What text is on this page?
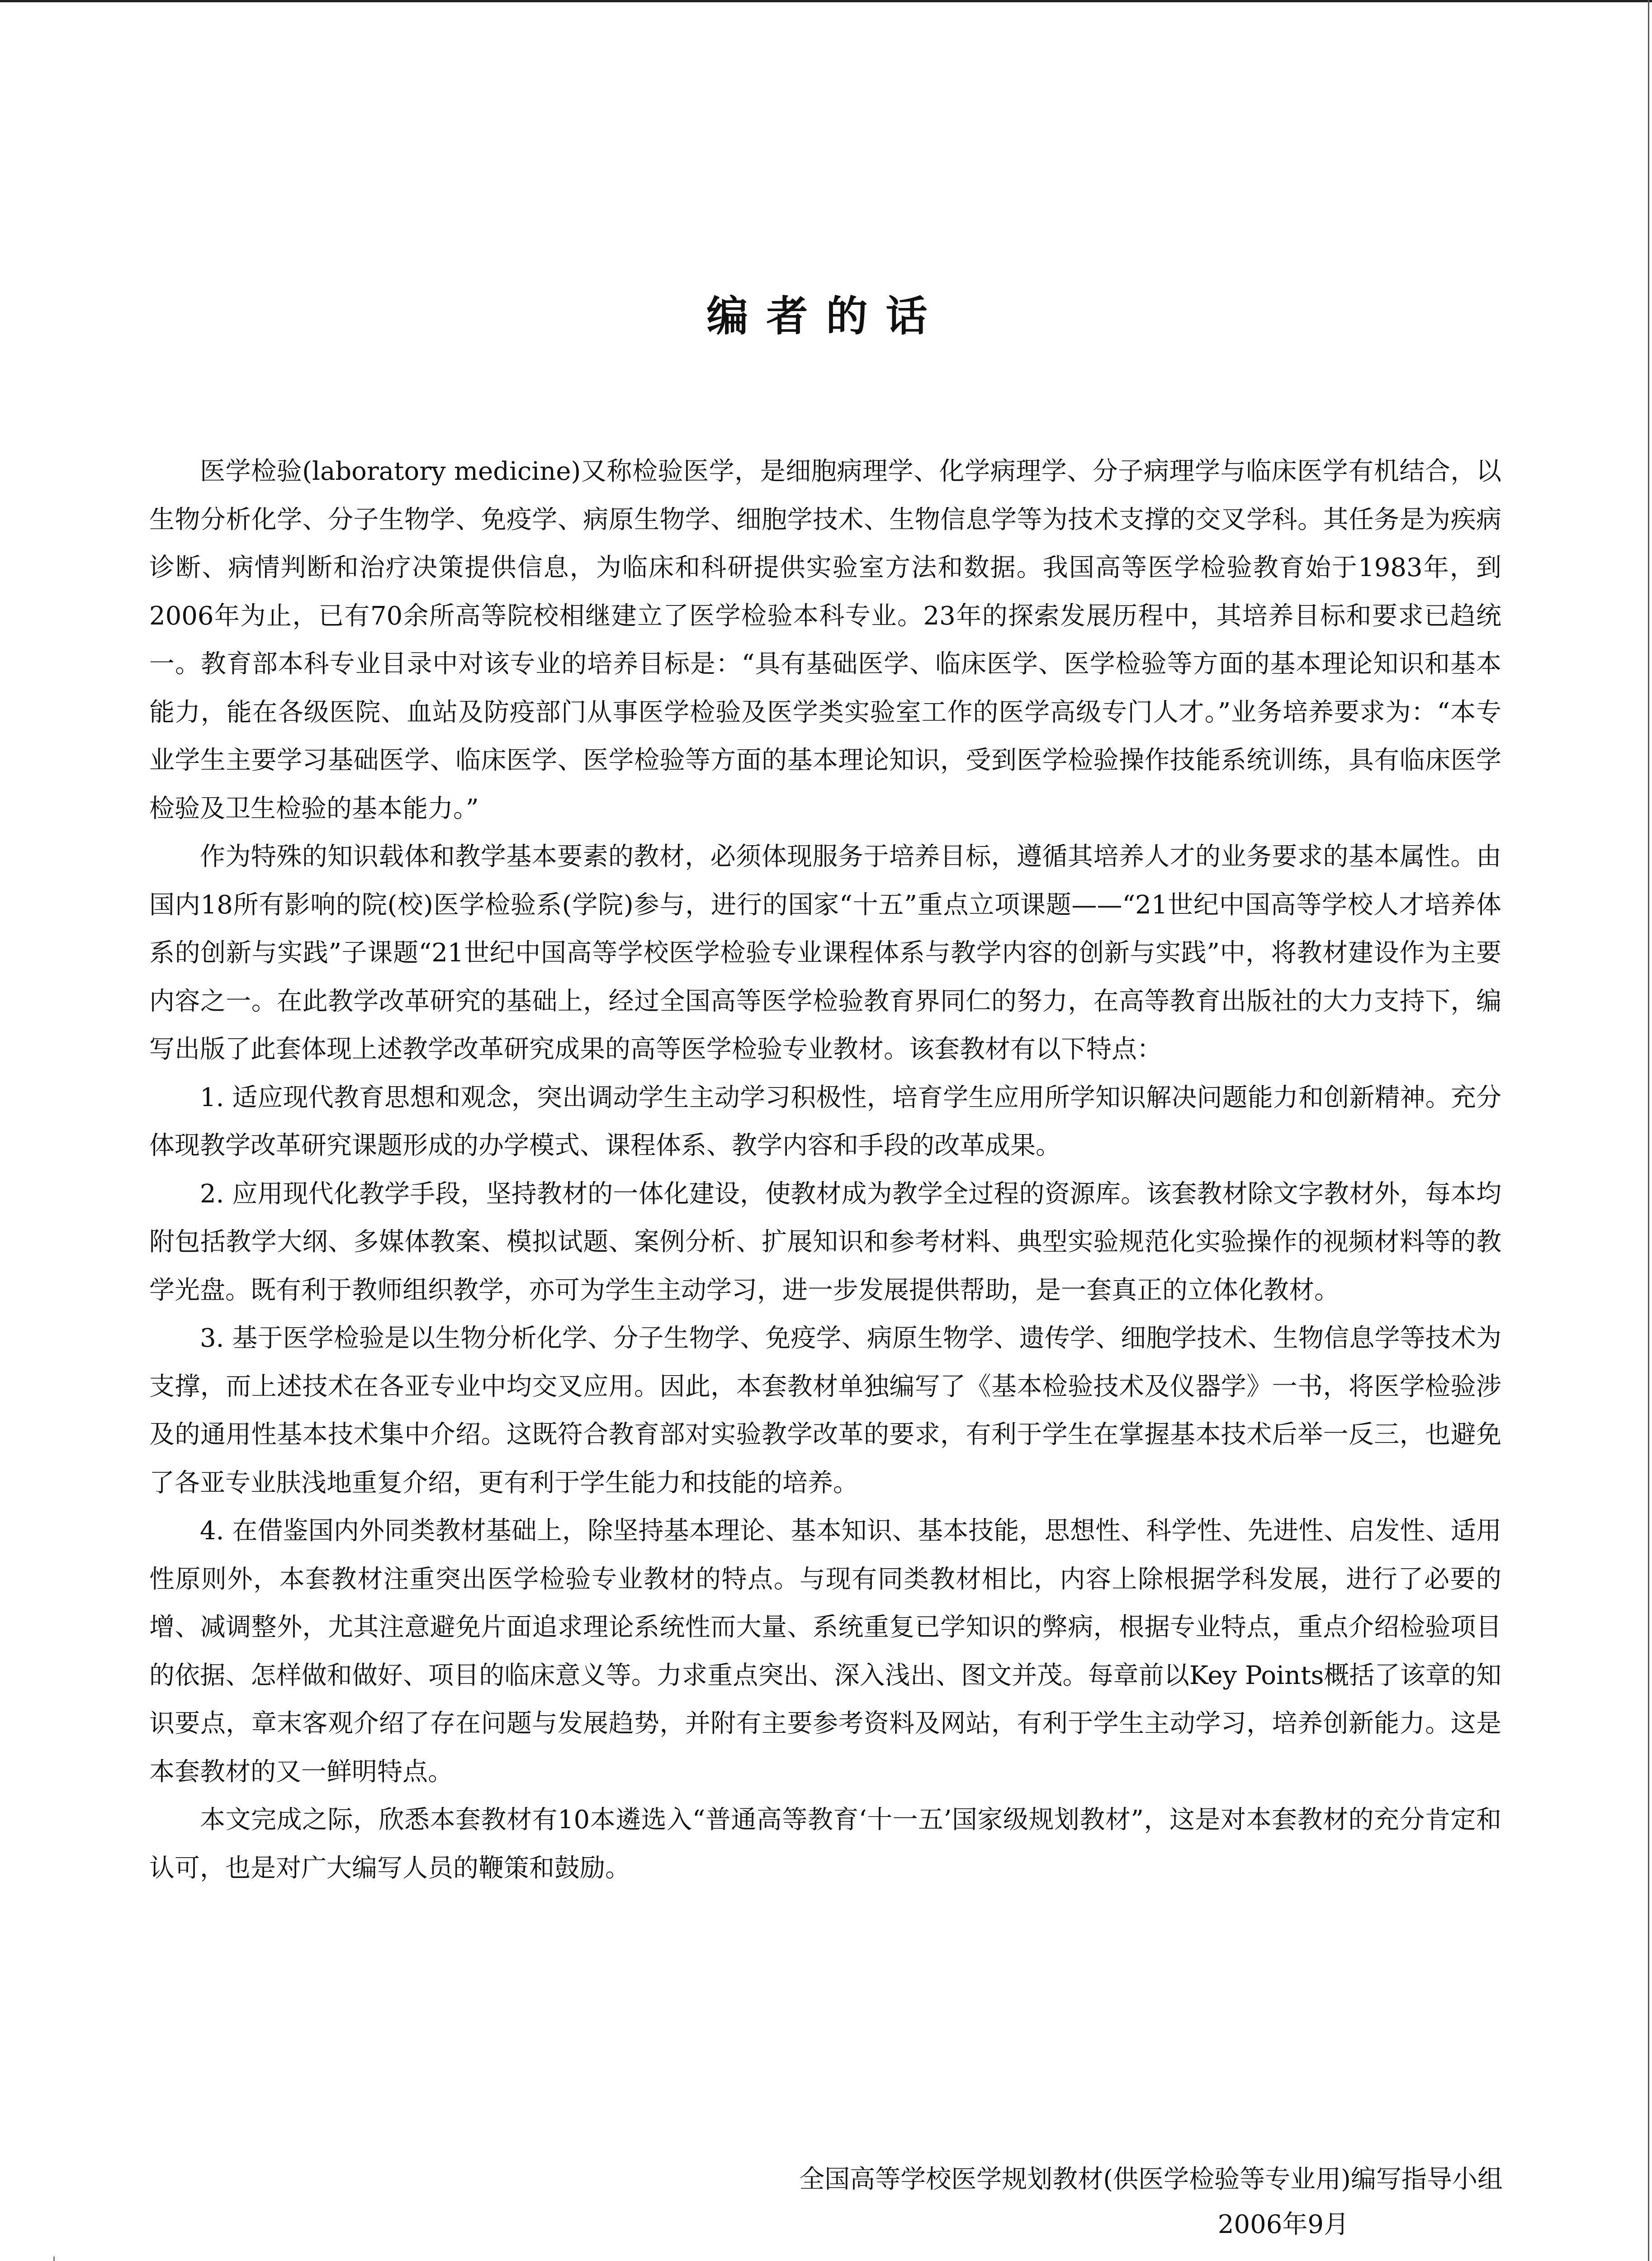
编者的话

医学检验(laboratory medicine)又称检验医学，是细胞病理学、化学病理学、分子病理学与临床医学有机结合，以生物分析化学、分子生物学、免疫学、病原生物学、细胞学技术、生物信息学等为技术支撑的交叉学科。其任务是为疾病诊断、病情判断和治疗决策提供信息，为临床和科研提供实验室方法和数据。我国高等医学检验教育始于1983年，到2006年为止，已有70余所高等院校相继建立了医学检验本科专业。23年的探索发展历程中，其培养目标和要求已趋统一。教育部本科专业目录中对该专业的培养目标是：“具有基础医学、临床医学、医学检验等方面的基本理论知识和基本能力，能在各级医院、血站及防疫部门从事医学检验及医学类实验室工作的医学高级专门人才。”业务培养要求为：“本专业学生主要学习基础医学、临床医学、医学检验等方面的基本理论知识，受到医学检验操作技能系统训练，具有临床医学检验及卫生检验的基本能力。”

作为特殊的知识载体和教学基本要素的教材，必须体现服务于培养目标，遵循其培养人才的业务要求的基本属性。由国内18所有影响的院(校)医学检验系(学院)参与，进行的国家“十五”重点立项课题——“21世纪中国高等学校人才培养体系的创新与实践”子课题“21世纪中国高等学校医学检验专业课程体系与教学内容的创新与实践”中，将教材建设作为主要内容之一。在此教学改革研究的基础上，经过全国高等医学检验教育界同仁的努力，在高等教育出版社的大力支持下，编写出版了此套体现上述教学改革研究成果的高等医学检验专业教材。该套教材有以下特点：

1. 适应现代教育思想和观念，突出调动学生主动学习积极性，培育学生应用所学知识解决问题能力和创新精神。充分体现教学改革研究课题形成的办学模式、课程体系、教学内容和手段的改革成果。

2. 应用现代化教学手段，坚持教材的一体化建设，使教材成为教学全过程的资源库。该套教材除文字教材外，每本均附包括教学大纲、多媒体教案、模拟试题、案例分析、扩展知识和参考材料、典型实验规范化实验操作的视频材料等的教学光盘。既有利于教师组织教学，亦可为学生主动学习，进一步发展提供帮助，是一套真正的立体化教材。

3. 基于医学检验是以生物分析化学、分子生物学、免疫学、病原生物学、遗传学、细胞学技术、生物信息学等技术为支撑，而上述技术在各亚专业中均交叉应用。因此，本套教材单独编写了《基本检验技术及仪器学》一书，将医学检验涉及的通用性基本技术集中介绍。这既符合教育部对实验教学改革的要求，有利于学生在掌握基本技术后举一反三，也避免了各亚专业肤浅地重复介绍，更有利于学生能力和技能的培养。

4. 在借鉴国内外同类教材基础上，除坚持基本理论、基本知识、基本技能，思想性、科学性、先进性、启发性、适用性原则外，本套教材注重突出医学检验专业教材的特点。与现有同类教材相比，内容上除根据学科发展，进行了必要的增、减调整外，尤其注意避免片面追求理论系统性而大量、系统重复已学知识的弊病，根据专业特点，重点介绍检验项目的依据、怎样做和做好、项目的临床意义等。力求重点突出、深入浅出、图文并茂。每章前以Key Points概括了该章的知识要点，章末客观介绍了存在问题与发展趋势，并附有主要参考资料及网站，有利于学生主动学习，培养创新能力。这是本套教材的又一鲜明特点。

本文完成之际，欣悉本套教材有10本遴选入“普通高等教育‘十一五’国家级规划教材”，这是对本套教材的充分肯定和认可，也是对广大编写人员的鞭策和鼓励。

全国高等学校医学规划教材(供医学检验等专业用)编写指导小组
2006年9月
